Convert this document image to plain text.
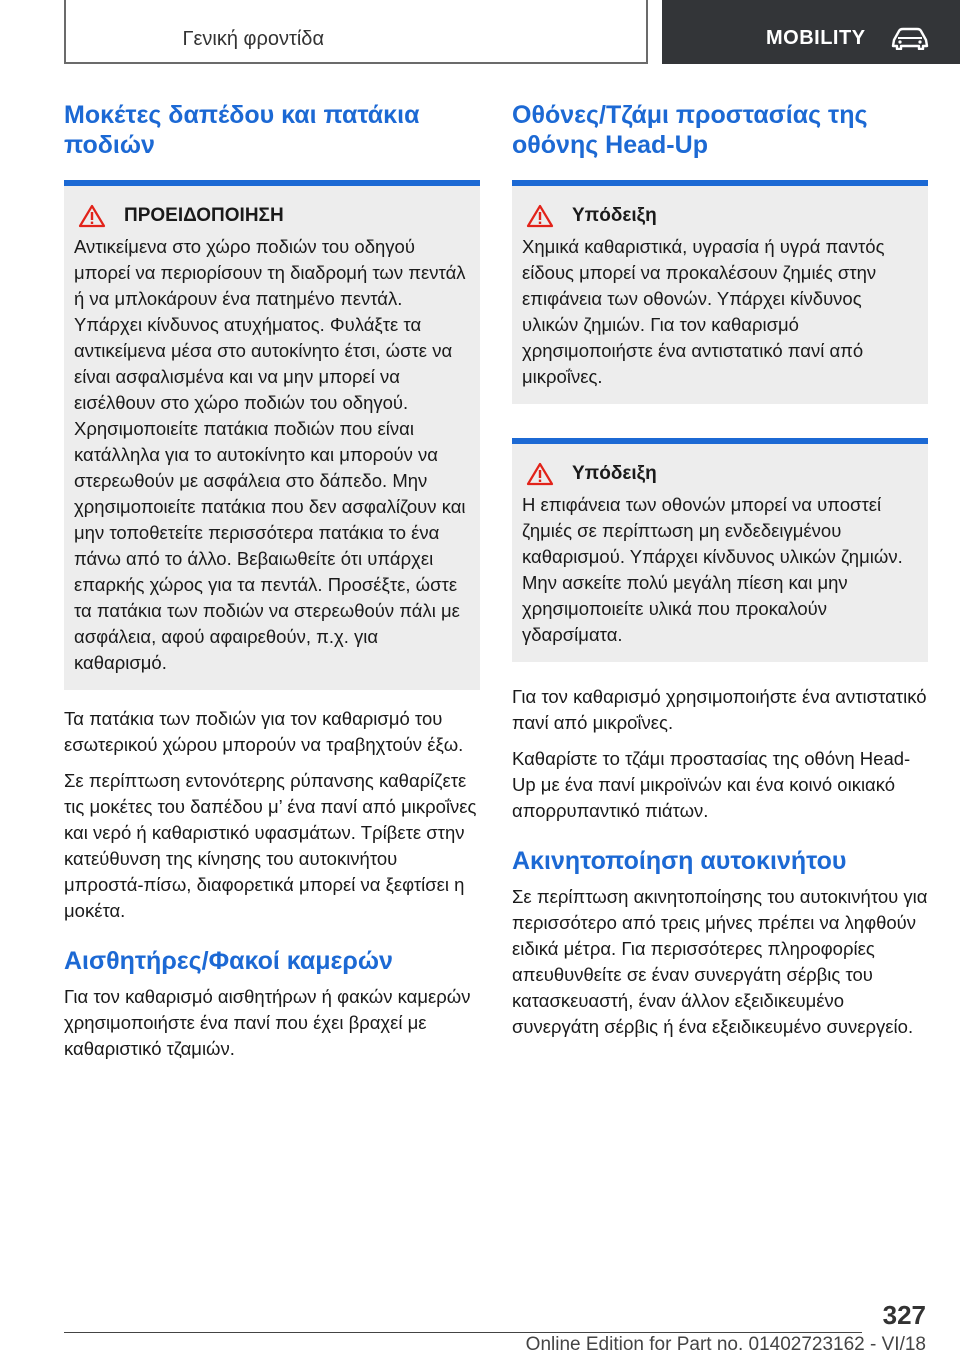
Γενική φροντίδα	MOBILITY
Μοκέτες δαπέδου και πατάκια ποδιών
ΠΡΟΕΙΔΟΠΟΙΗΣΗ
Αντικείμενα στο χώρο ποδιών του οδηγού μπορεί να περιορίσουν τη διαδρομή των πεντάλ ή να μπλοκάρουν ένα πατημένο πεντάλ. Υπάρχει κίνδυνος ατυχήματος. Φυλάξτε τα αντικείμενα μέσα στο αυτοκίνητο έτσι, ώστε να είναι ασφαλισμένα και να μην μπορεί να εισέλθουν στο χώρο ποδιών του οδηγού. Χρησιμοποιείτε πατάκια ποδιών που είναι κατάλληλα για το αυτοκίνητο και μπορούν να στερεωθούν με ασφάλεια στο δάπεδο. Μην χρησιμοποιείτε πατάκια που δεν ασφαλίζουν και μην τοποθετείτε περισσότερα πατάκια το ένα πάνω από το άλλο. Βεβαιωθείτε ότι υπάρχει επαρκής χώρος για τα πεντάλ. Προσέξτε, ώστε τα πατάκια των ποδιών να στερεωθούν πάλι με ασφάλεια, αφού αφαιρεθούν, π.χ. για καθαρισμό.

Τα πατάκια των ποδιών για τον καθαρισμό του εσωτερικού χώρου μπορούν να τραβηχτούν έξω.

Σε περίπτωση εντονότερης ρύπανσης καθαρίζετε τις μοκέτες του δαπέδου μ’ ένα πανί από μικροΐνες και νερό ή καθαριστικό υφασμάτων. Τρίβετε στην κατεύθυνση της κίνησης του αυτοκινήτου μπροστά-πίσω, διαφορετικά μπορεί να ξεφτίσει η μοκέτα.

Αισθητήρες/Φακοί καμερών

Για τον καθαρισμό αισθητήρων ή φακών καμερών χρησιμοποιήστε ένα πανί που έχει βραχεί με καθαριστικό τζαμιών.

Οθόνες/Τζάμι προστασίας της οθόνης Head-Up
Υπόδειξη
Χημικά καθαριστικά, υγρασία ή υγρά παντός είδους μπορεί να προκαλέσουν ζημιές στην επιφάνεια των οθονών. Υπάρχει κίνδυνος υλικών ζημιών. Για τον καθαρισμό χρησιμοποιήστε ένα αντιστατικό πανί από μικροΐνες.
Υπόδειξη
Η επιφάνεια των οθονών μπορεί να υποστεί ζημιές σε περίπτωση μη ενδεδειγμένου καθαρισμού. Υπάρχει κίνδυνος υλικών ζημιών. Μην ασκείτε πολύ μεγάλη πίεση και μην χρησιμοποιείτε υλικά που προκαλούν γδαρσίματα.

Για τον καθαρισμό χρησιμοποιήστε ένα αντιστατικό πανί από μικροΐνες.

Καθαρίστε το τζάμι προστασίας της οθόνη Head-Up με ένα πανί μικροϊνών και ένα κοινό οικιακό απορρυπαντικό πιάτων.

Ακινητοποίηση αυτοκινήτου

Σε περίπτωση ακινητοποίησης του αυτοκινήτου για περισσότερο από τρεις μήνες πρέπει να ληφθούν ειδικά μέτρα. Για περισσότερες πληροφορίες απευθυνθείτε σε έναν συνεργάτη σέρβις του κατασκευαστή, έναν άλλον εξειδικευμένο συνεργάτη σέρβις ή ένα εξειδικευμένο συνεργείο.

327
Online Edition for Part no. 01402723162 - VI/18
